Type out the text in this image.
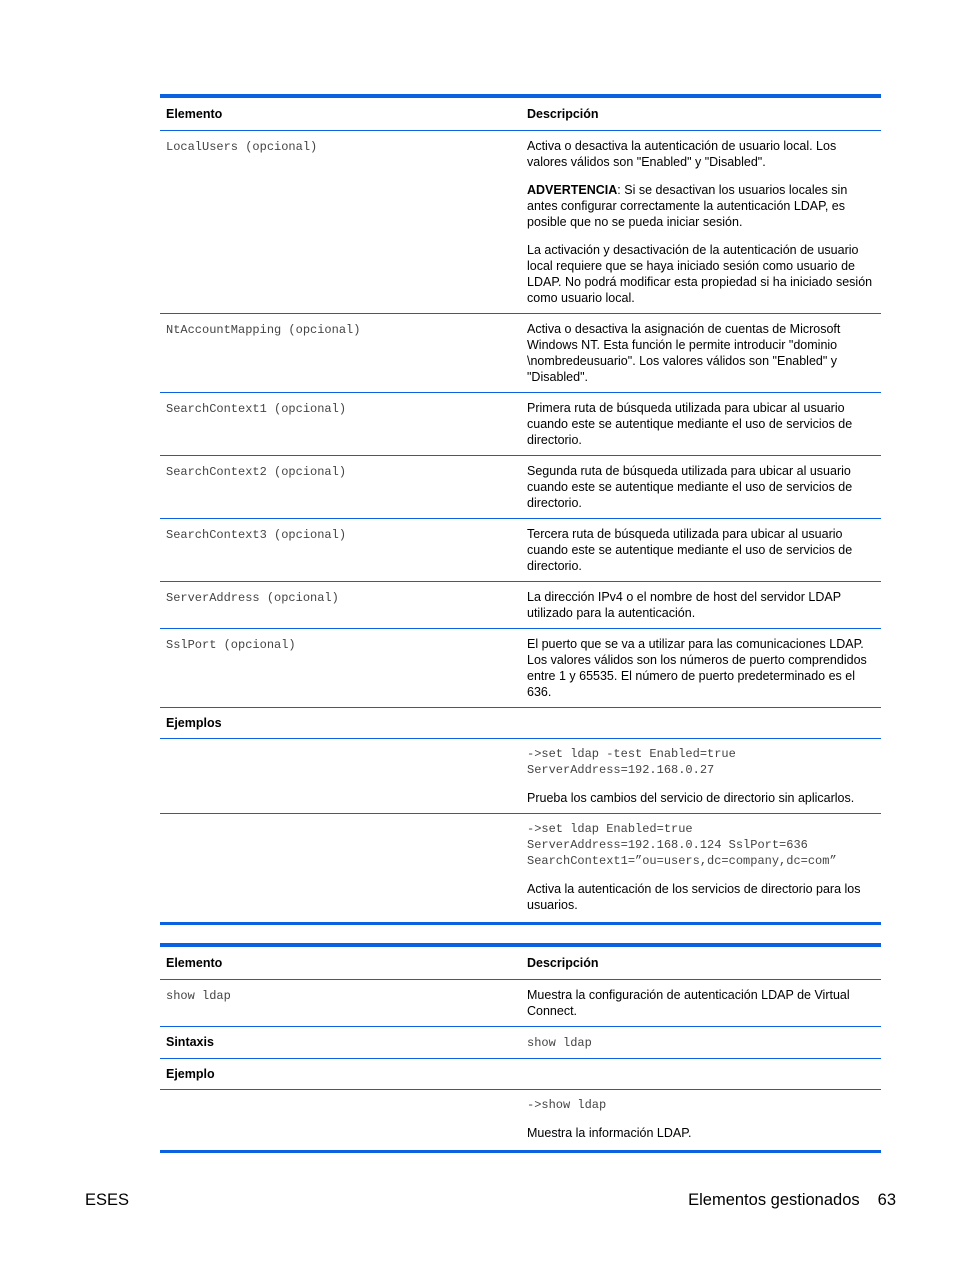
Elemento	Descripción
LocalUsers (opcional)	Activa o desactiva la autenticación de usuario local. Los valores válidos son "Enabled" y "Disabled".

ADVERTENCIA: Si se desactivan los usuarios locales sin antes configurar correctamente la autenticación LDAP, es posible que no se pueda iniciar sesión.

La activación y desactivación de la autenticación de usuario local requiere que se haya iniciado sesión como usuario de LDAP. No podrá modificar esta propiedad si ha iniciado sesión como usuario local.

NtAccountMapping (opcional)	Activa o desactiva la asignación de cuentas de Microsoft Windows NT. Esta función le permite introducir "dominio \nombredeusuario". Los valores válidos son "Enabled" y "Disabled".

SearchContext1 (opcional)	Primera ruta de búsqueda utilizada para ubicar al usuario cuando este se autentique mediante el uso de servicios de directorio.

SearchContext2 (opcional)	Segunda ruta de búsqueda utilizada para ubicar al usuario cuando este se autentique mediante el uso de servicios de directorio.

SearchContext3 (opcional)	Tercera ruta de búsqueda utilizada para ubicar al usuario cuando este se autentique mediante el uso de servicios de directorio.

ServerAddress (opcional)	La dirección IPv4 o el nombre de host del servidor LDAP utilizado para la autenticación.

SslPort (opcional)	El puerto que se va a utilizar para las comunicaciones LDAP. Los valores válidos son los números de puerto comprendidos entre 1 y 65535. El número de puerto predeterminado es el 636.

Ejemplos	

	->set ldap -test Enabled=true
ServerAddress=192.168.0.27

Prueba los cambios del servicio de directorio sin aplicarlos.

	->set ldap Enabled=true
ServerAddress=192.168.0.124 SslPort=636
SearchContext1=”ou=users,dc=company,dc=com”

Activa la autenticación de los servicios de directorio para los usuarios.

Elemento	Descripción
show ldap	Muestra la configuración de autenticación LDAP de Virtual Connect.

Sintaxis	show ldap
Ejemplo	

	->show ldap

Muestra la información LDAP.

ESES	Elementos gestionados 63
